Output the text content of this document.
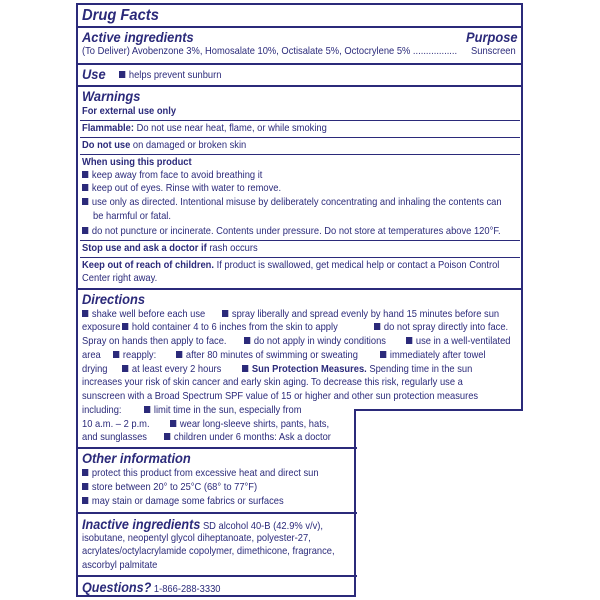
Drug Facts
Active ingredients	Purpose
(To Deliver) Avobenzone 3%, Homosalate 10%, Octisalate 5%, Octocrylene 5% ................. Sunscreen
Use	helps prevent sunburn
Warnings
For external use only
Flammable: Do not use near heat, flame, or while smoking
Do not use on damaged or broken skin
When using this product
keep away from face to avoid breathing it
keep out of eyes. Rinse with water to remove.
use only as directed. Intentional misuse by deliberately concentrating and inhaling the contents can
be harmful or fatal.
do not puncture or incinerate. Contents under pressure. Do not store at temperatures above 120°F.
Stop use and ask a doctor if rash occurs
Keep out of reach of children. If product is swallowed, get medical help or contact a Poison Control
Center right away.
Directions
shake well before each use	spray liberally and spread evenly by hand 15 minutes before sun
exposure	hold container 4 to 6 inches from the skin to apply	do not spray directly into face.
Spray on hands then apply to face.	do not apply in windy conditions	use in a well-ventilated
area	reapply:	after 80 minutes of swimming or sweating	immediately after towel
drying	at least every 2 hours	Sun Protection Measures. Spending time in the sun
increases your risk of skin cancer and early skin aging. To decrease this risk, regularly use a
sunscreen with a Broad Spectrum SPF value of 15 or higher and other sun protection measures
including:	limit time in the sun, especially from
10 a.m. – 2 p.m.	wear long-sleeve shirts, pants, hats,
and sunglasses	children under 6 months: Ask a doctor
Other information
protect this product from excessive heat and direct sun
store between 20° to 25°C (68° to 77°F)
may stain or damage some fabrics or surfaces
Inactive ingredients SD alcohol 40-B (42.9% v/v),
isobutane, neopentyl glycol diheptanoate, polyester-27,
acrylates/octylacrylamide copolymer, dimethicone, fragrance,
ascorbyl palmitate
Questions? 1-866-288-3330
